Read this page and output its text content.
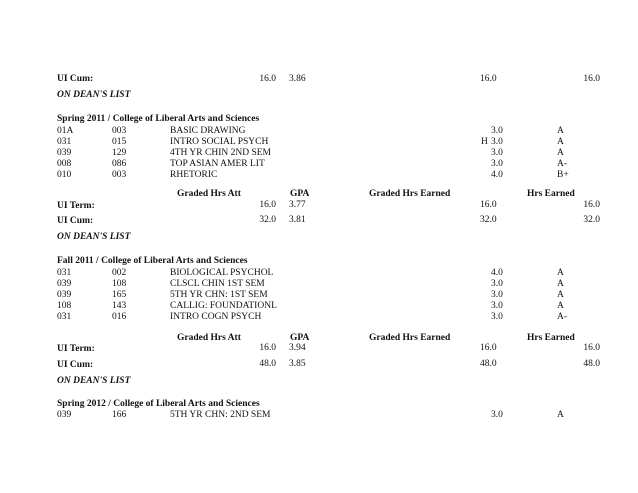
UI Cum:	16.0 3.86	16.0	16.0
ON DEAN'S LIST
Spring 2011 / College of Liberal Arts and Sciences
01A	003	BASIC DRAWING	3.0	A
031	015	INTRO SOCIAL PSYCH	H 3.0	A
039	129	4TH YR CHIN 2ND SEM	3.0	A
008	086	TOP ASIAN AMER LIT	3.0	A-
010	003	RHETORIC	4.0	B+
Graded Hrs Att	GPA	Graded Hrs Earned	Hrs Earned
UI Term:	16.0 3.77	16.0	16.0
UI Cum:	32.0 3.81	32.0	32.0
ON DEAN'S LIST
Fall 2011 / College of Liberal Arts and Sciences
031	002	BIOLOGICAL PSYCHOL	4.0	A
039	108	CLSCL CHIN 1ST SEM	3.0	A
039	165	5TH YR CHN: 1ST SEM	3.0	A
108	143	CALLIG: FOUNDATIONL	3.0	A
031	016	INTRO COGN PSYCH	3.0	A-
Graded Hrs Att	GPA	Graded Hrs Earned	Hrs Earned
UI Term:	16.0 3.94	16.0	16.0
UI Cum:	48.0 3.85	48.0	48.0
ON DEAN'S LIST
Spring 2012 / College of Liberal Arts and Sciences
039	166	5TH YR CHN: 2ND SEM	3.0	A
